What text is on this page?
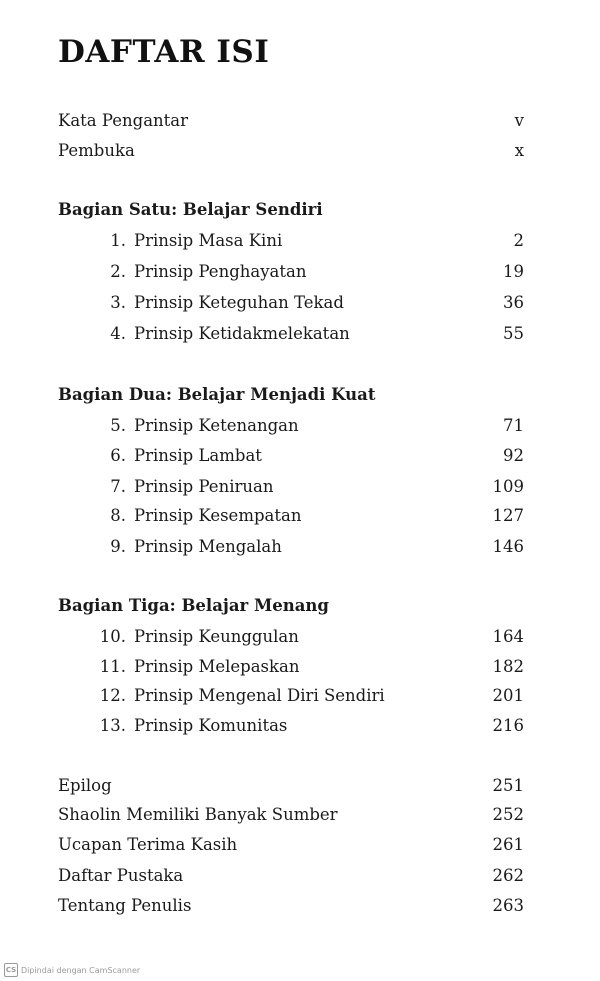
DAFTAR ISI
Kata Pengantar	v
Pembuka	x
Bagian Satu: Belajar Sendiri
1. Prinsip Masa Kini	2
2. Prinsip Penghayatan	19
3. Prinsip Keteguhan Tekad	36
4. Prinsip Ketidakmelekatan	55
Bagian Dua: Belajar Menjadi Kuat
5. Prinsip Ketenangan	71
6. Prinsip Lambat	92
7. Prinsip Peniruan	109
8. Prinsip Kesempatan	127
9. Prinsip Mengalah	146
Bagian Tiga: Belajar Menang
10. Prinsip Keunggulan	164
11. Prinsip Melepaskan	182
12. Prinsip Mengenal Diri Sendiri	201
13. Prinsip Komunitas	216
Epilog	251
Shaolin Memiliki Banyak Sumber	252
Ucapan Terima Kasih	261
Daftar Pustaka	262
Tentang Penulis	263
CS Dipindai dengan CamScanner
